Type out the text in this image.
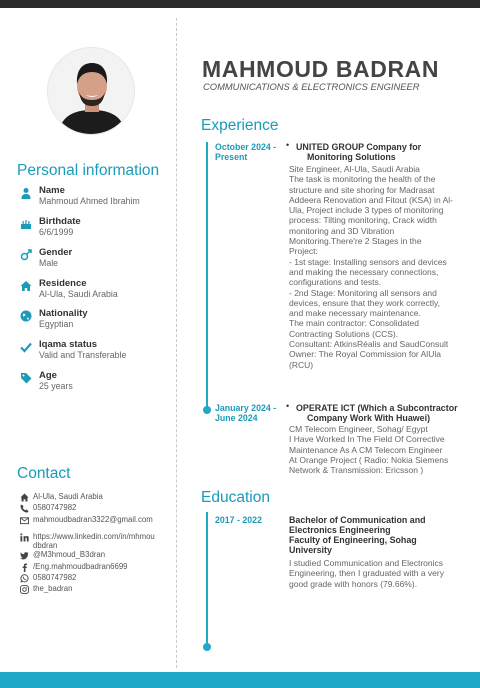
MAHMOUD BADRAN
COMMUNICATIONS & ELECTRONICS ENGINEER
Personal information
Contact
Experience
Education
Name
Mahmoud Ahmed Ibrahim
Birthdate
6/6/1999
Gender
Male
Residence
Al-Ula, Saudi Arabia
Nationality
Egyptian
Iqama status
Valid and Transferable
Age
25 years
Al-Ula, Saudi Arabia
0580747982
mahmoudbadran3322@gmail.com
https://www.linkedin.com/in/mhmou
dbdran
@M3hmoud_B3dran
/Eng.mahmoudbadran6699
0580747982
the_badran
October 2024 -
Present
• UNITED GROUP Company for
Monitoring Solutions
Site Engineer, Al-Ula, Saudi Arabia
The task is monitoring the health of the
structure and site shoring for Madrasat
Addeera Renovation and Fitout (KSA) in Al-
Ula, Project include 3 types of monitoring
process: Tilting monitoring, Crack width
monitoring and 3D Vibration
Monitoring.There're 2 Stages in the
Project:
- 1st stage: Installing sensors and devices
and making the necessary connections,
configurations and tests.
- 2nd Stage: Monitoring all sensors and
devices, ensure that they work correctly,
and make necessary maintenance.
The main contractor: Consolidated
Contracting Solutions (CCS).
Consultant: AtkinsRéalis and SaudConsult
Owner: The Royal Commission for AlUla
(RCU)
January 2024 -
June 2024
• OPERATE ICT (Which a Subcontractor
Company Work With Huawei)
CM Telecom Engineer, Sohag/ Egypt
I Have Worked In The Field Of Corrective
Maintenance As A CM Telecom Engineer
At Orange Project ( Radio: Nokia Siemens
Network & Transmission: Ericsson )
2017 - 2022	Bachelor of Communication and
Electronics Engineering
Faculty of Engineering, Sohag
University
I studied Communication and Electronics
Engineering, then I graduated with a very
good grade with honors (79.66%).
